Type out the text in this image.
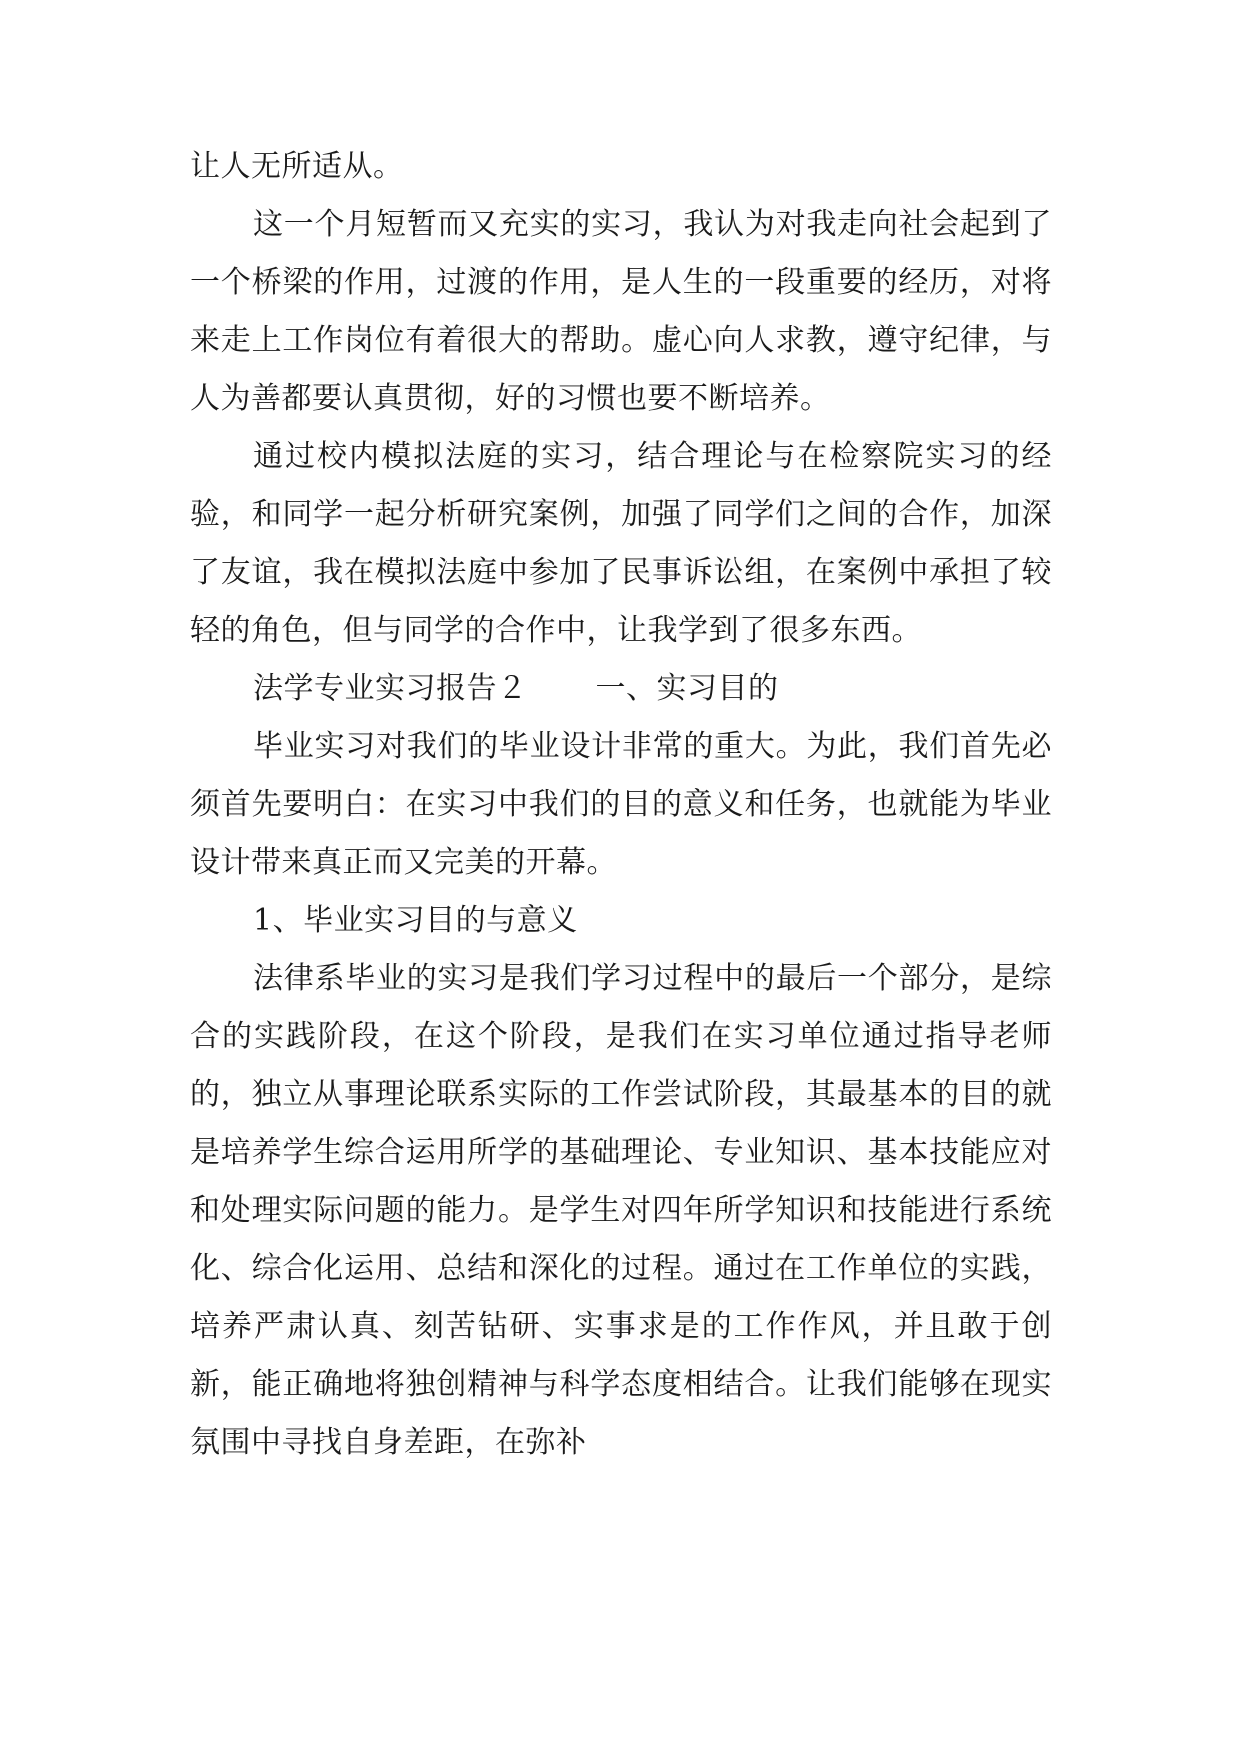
让人无所适从。

这一个月短暂而又充实的实习，我认为对我走向社会起到了一个桥梁的作用，过渡的作用，是人生的一段重要的经历，对将来走上工作岗位有着很大的帮助。虚心向人求教，遵守纪律，与人为善都要认真贯彻，好的习惯也要不断培养。

通过校内模拟法庭的实习，结合理论与在检察院实习的经验，和同学一起分析研究案例，加强了同学们之间的合作，加深了友谊，我在模拟法庭中参加了民事诉讼组，在案例中承担了较轻的角色，但与同学的合作中，让我学到了很多东西。

法学专业实习报告２ 一、实习目的

毕业实习对我们的毕业设计非常的重大。为此，我们首先必须首先要明白：在实习中我们的目的意义和任务，也就能为毕业设计带来真正而又完美的开幕。

1、毕业实习目的与意义

法律系毕业的实习是我们学习过程中的最后一个部分，是综合的实践阶段，在这个阶段，是我们在实习单位通过指导老师的，独立从事理论联系实际的工作尝试阶段，其最基本的目的就是培养学生综合运用所学的基础理论、专业知识、基本技能应对和处理实际问题的能力。是学生对四年所学知识和技能进行系统化、综合化运用、总结和深化的过程。通过在工作单位的实践，培养严肃认真、刻苦钻研、实事求是的工作作风，并且敢于创新，能正确地将独创精神与科学态度相结合。让我们能够在现实氛围中寻找自身差距，在弥补
